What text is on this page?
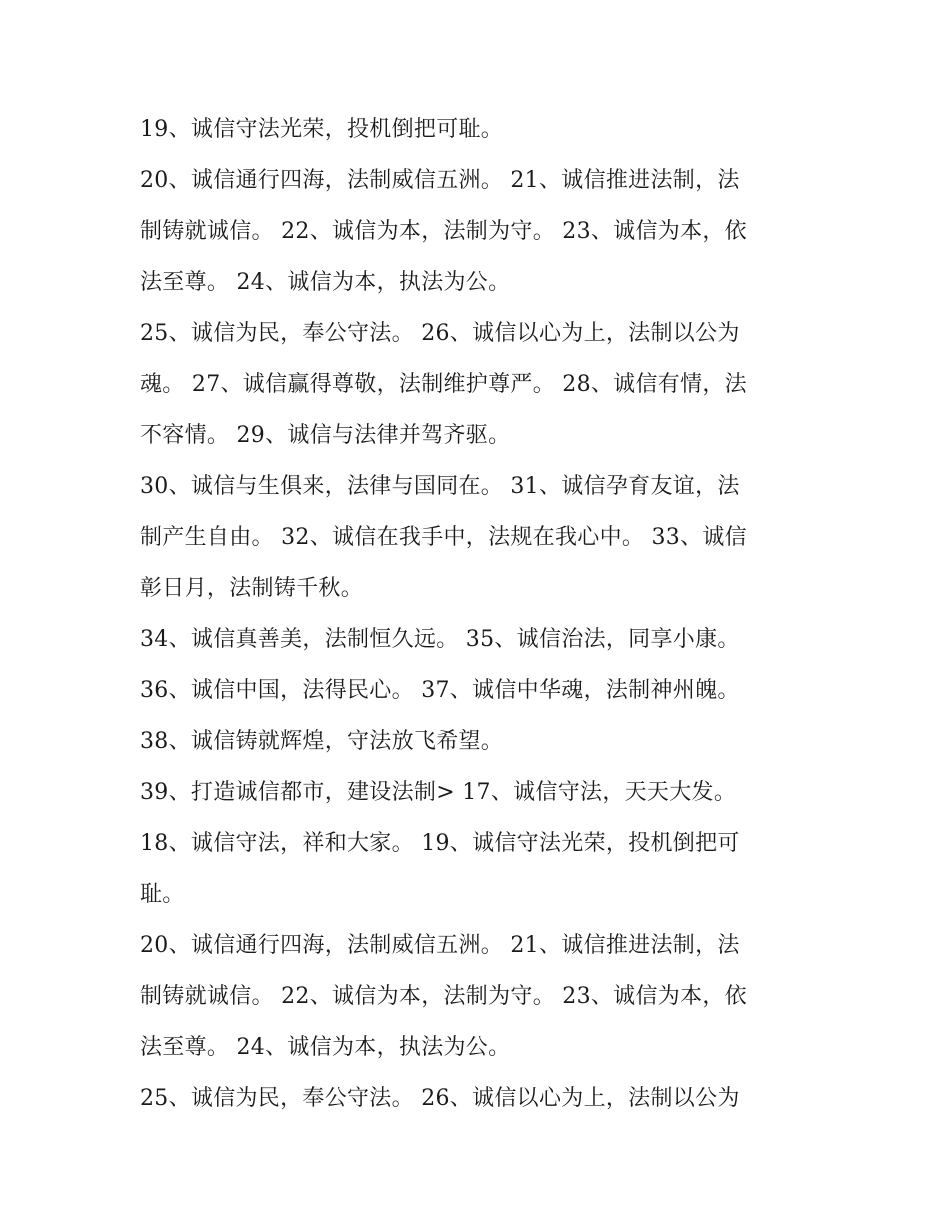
19、诚信守法光荣，投机倒把可耻。
20、诚信通行四海，法制威信五洲。 21、诚信推进法制，法
制铸就诚信。 22、诚信为本，法制为守。 23、诚信为本，依
法至尊。 24、诚信为本，执法为公。
25、诚信为民，奉公守法。 26、诚信以心为上，法制以公为
魂。 27、诚信赢得尊敬，法制维护尊严。 28、诚信有情，法
不容情。 29、诚信与法律并驾齐驱。
30、诚信与生俱来，法律与国同在。 31、诚信孕育友谊，法
制产生自由。 32、诚信在我手中，法规在我心中。 33、诚信
彰日月，法制铸千秋。
34、诚信真善美，法制恒久远。 35、诚信治法，同享小康。
36、诚信中国，法得民心。 37、诚信中华魂，法制神州魄。
38、诚信铸就辉煌，守法放飞希望。
39、打造诚信都市，建设法制> 17、诚信守法，天天大发。
18、诚信守法，祥和大家。 19、诚信守法光荣，投机倒把可
耻。
20、诚信通行四海，法制威信五洲。 21、诚信推进法制，法
制铸就诚信。 22、诚信为本，法制为守。 23、诚信为本，依
法至尊。 24、诚信为本，执法为公。
25、诚信为民，奉公守法。 26、诚信以心为上，法制以公为
